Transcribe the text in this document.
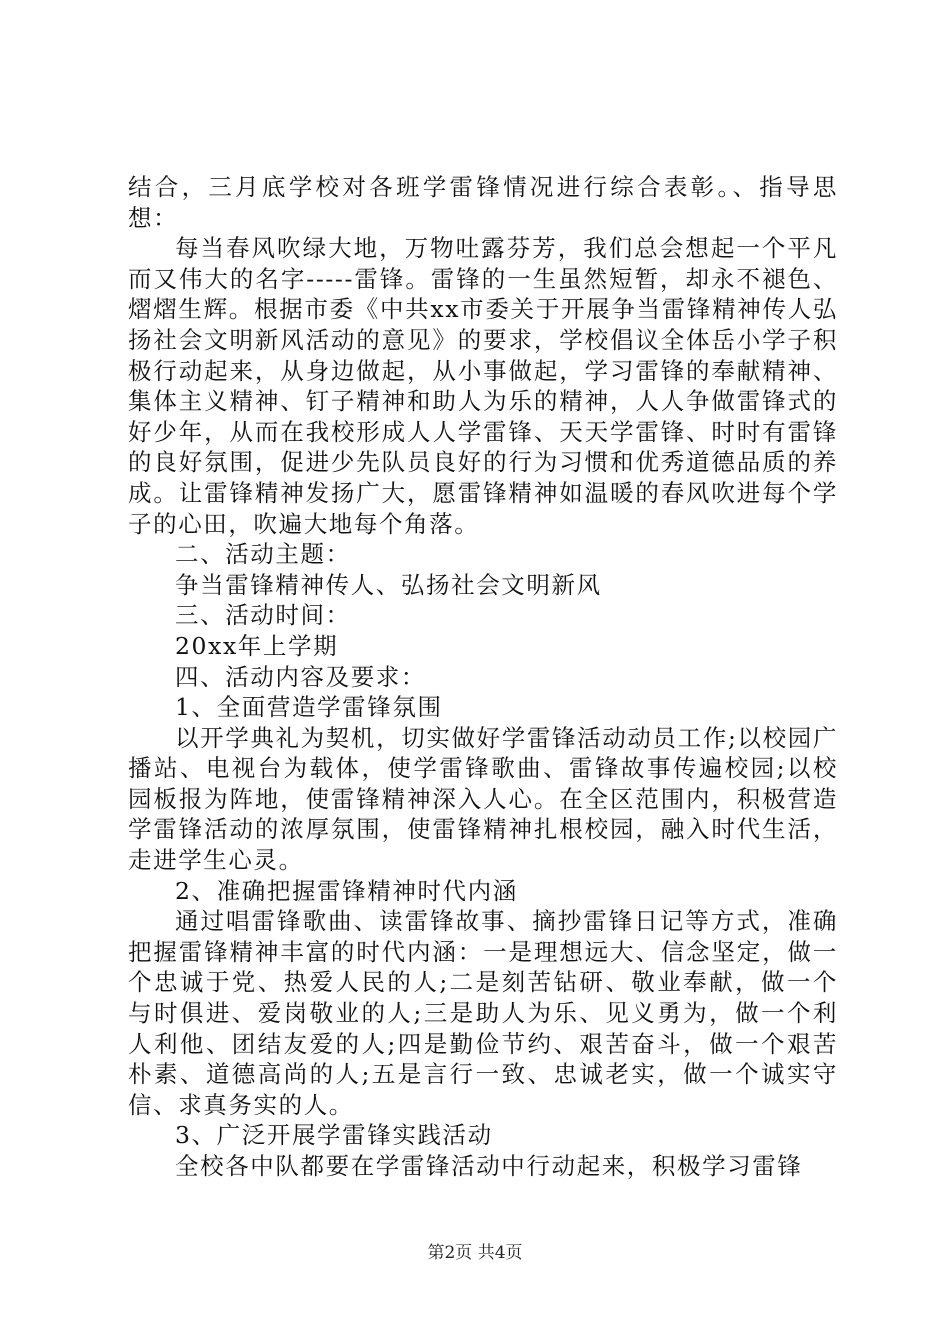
结合，三月底学校对各班学雷锋情况进行综合表彰。、指导思想：

每当春风吹绿大地，万物吐露芬芳，我们总会想起一个平凡而又伟大的名字-----雷锋。雷锋的一生虽然短暂，却永不褪色、熠熠生辉。根据市委《中共xx市委关于开展争当雷锋精神传人弘扬社会文明新风活动的意见》的要求，学校倡议全体岳小学子积极行动起来，从身边做起，从小事做起，学习雷锋的奉献精神、集体主义精神、钉子精神和助人为乐的精神，人人争做雷锋式的好少年，从而在我校形成人人学雷锋、天天学雷锋、时时有雷锋的良好氛围，促进少先队员良好的行为习惯和优秀道德品质的养成。让雷锋精神发扬广大，愿雷锋精神如温暖的春风吹进每个学子的心田，吹遍大地每个角落。

二、活动主题：

争当雷锋精神传人、弘扬社会文明新风

三、活动时间：

20xx年上学期

四、活动内容及要求：

1、全面营造学雷锋氛围

以开学典礼为契机，切实做好学雷锋活动动员工作;以校园广播站、电视台为载体，使学雷锋歌曲、雷锋故事传遍校园;以校园板报为阵地，使雷锋精神深入人心。在全区范围内，积极营造学雷锋活动的浓厚氛围，使雷锋精神扎根校园，融入时代生活，走进学生心灵。

2、准确把握雷锋精神时代内涵

通过唱雷锋歌曲、读雷锋故事、摘抄雷锋日记等方式，准确把握雷锋精神丰富的时代内涵：一是理想远大、信念坚定，做一个忠诚于党、热爱人民的人;二是刻苦钻研、敬业奉献，做一个与时俱进、爱岗敬业的人;三是助人为乐、见义勇为，做一个利人利他、团结友爱的人;四是勤俭节约、艰苦奋斗，做一个艰苦朴素、道德高尚的人;五是言行一致、忠诚老实，做一个诚实守信、求真务实的人。

3、广泛开展学雷锋实践活动

全校各中队都要在学雷锋活动中行动起来，积极学习雷锋

第2页 共4页
